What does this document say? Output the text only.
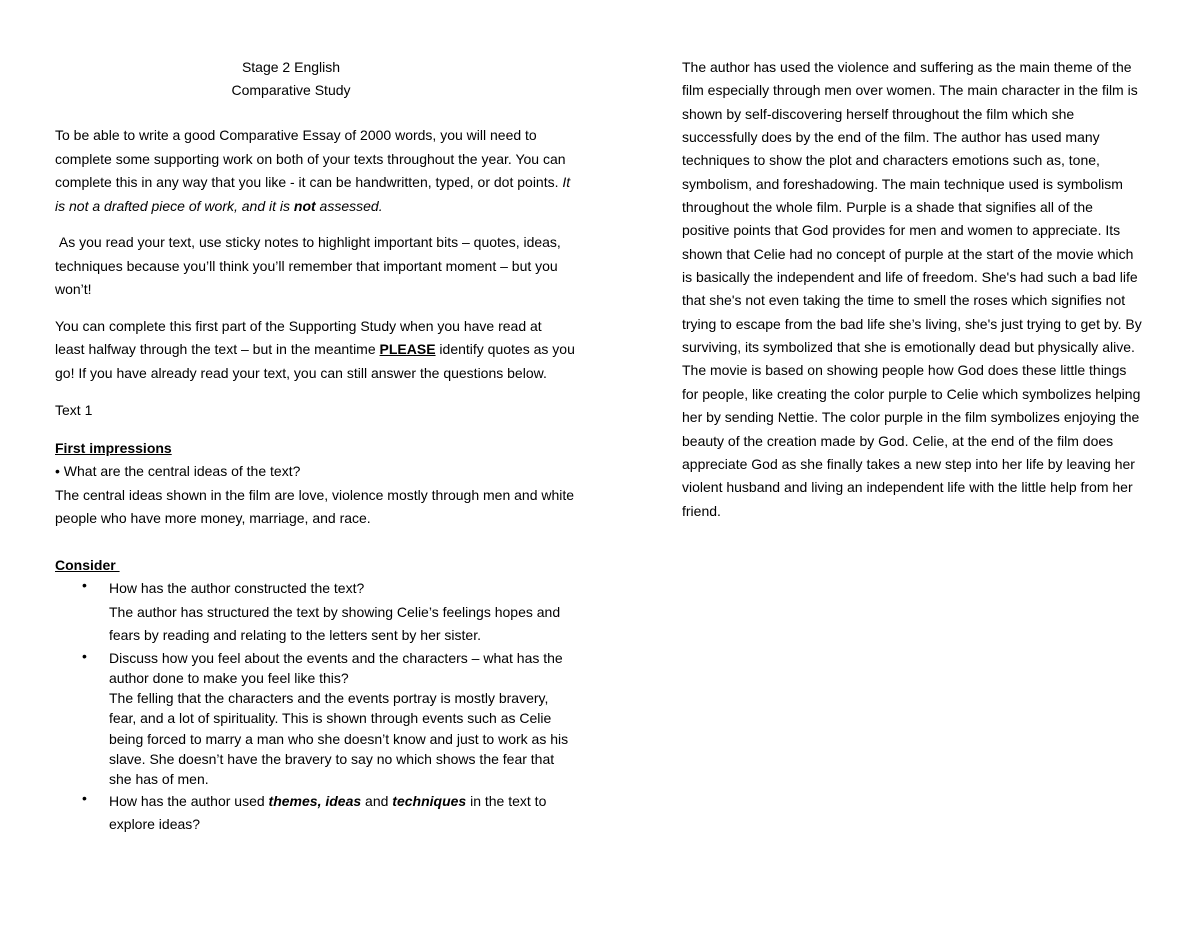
Stage 2 English
Comparative Study

To be able to write a good Comparative Essay of 2000 words, you will need to complete some supporting work on both of your texts throughout the year. You can complete this in any way that you like - it can be handwritten, typed, or dot points. It is not a drafted piece of work, and it is not assessed.

As you read your text, use sticky notes to highlight important bits – quotes, ideas, techniques because you’ll think you’ll remember that important moment – but you won’t!

You can complete this first part of the Supporting Study when you have read at least halfway through the text – but in the meantime PLEASE identify quotes as you go! If you have already read your text, you can still answer the questions below.

Text 1

First impressions

• What are the central ideas of the text?

The central ideas shown in the film are love, violence mostly through men and white people who have more money, marriage, and race.

Consider

• How has the author constructed the text?
The author has structured the text by showing Celie’s feelings hopes and fears by reading and relating to the letters sent by her sister.
• Discuss how you feel about the events and the characters – what has the author done to make you feel like this?
The felling that the characters and the events portray is mostly bravery, fear, and a lot of spirituality. This is shown through events such as Celie being forced to marry a man who she doesn’t know and just to work as his slave. She doesn’t have the bravery to say no which shows the fear that she has of men.
• How has the author used themes, ideas and techniques in the text to explore ideas?

The author has used the violence and suffering as the main theme of the film especially through men over women. The main character in the film is shown by self-discovering herself throughout the film which she successfully does by the end of the film. The author has used many techniques to show the plot and characters emotions such as, tone, symbolism, and foreshadowing. The main technique used is symbolism throughout the whole film. Purple is a shade that signifies all of the positive points that God provides for men and women to appreciate. Its shown that Celie had no concept of purple at the start of the movie which is basically the independent and life of freedom. She's had such a bad life that she's not even taking the time to smell the roses which signifies not trying to escape from the bad life she’s living, she's just trying to get by. By surviving, its symbolized that she is emotionally dead but physically alive. The movie is based on showing people how God does these little things for people, like creating the color purple to Celie which symbolizes helping her by sending Nettie. The color purple in the film symbolizes enjoying the beauty of the creation made by God. Celie, at the end of the film does appreciate God as she finally takes a new step into her life by leaving her violent husband and living an independent life with the little help from her friend.
